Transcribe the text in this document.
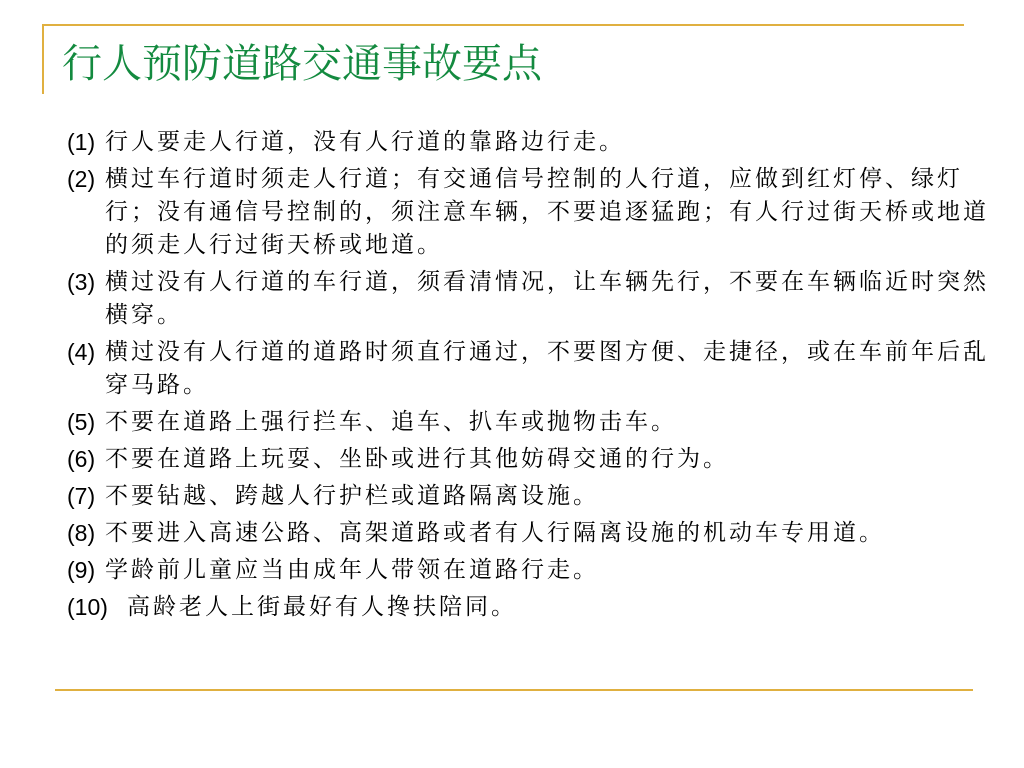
行人预防道路交通事故要点
(1) 行人要走人行道，没有人行道的靠路边行走。
(2) 横过车行道时须走人行道；有交通信号控制的人行道，应做到红灯停、绿灯行；没有通信号控制的，须注意车辆，不要追逐猛跑；有人行过街天桥或地道的须走人行过街天桥或地道。
(3) 横过没有人行道的车行道，须看清情况，让车辆先行，不要在车辆临近时突然横穿。
(4) 横过没有人行道的道路时须直行通过，不要图方便、走捷径，或在车前年后乱穿马路。
(5) 不要在道路上强行拦车、追车、扒车或抛物击车。
(6) 不要在道路上玩耍、坐卧或进行其他妨碍交通的行为。
(7) 不要钻越、跨越人行护栏或道路隔离设施。
(8) 不要进入高速公路、高架道路或者有人行隔离设施的机动车专用道。
(9) 学龄前儿童应当由成年人带领在道路行走。
(10) 高龄老人上街最好有人搀扶陪同。
